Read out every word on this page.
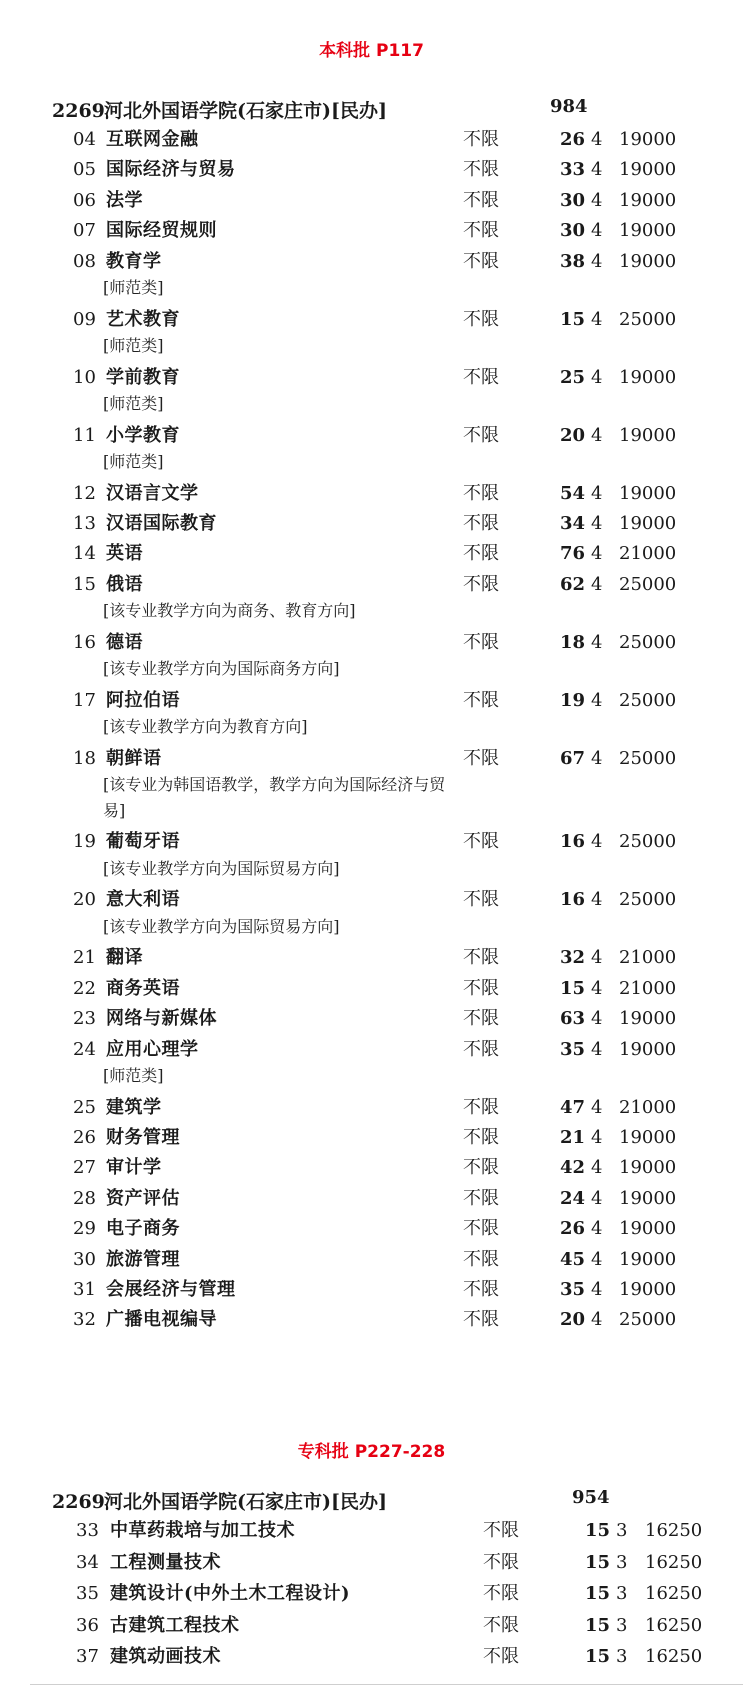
本科批 P117
2269河北外国语学院(石家庄市)[民办]	984
04 互联网金融	不限	26 4 19000
05 国际经济与贸易	不限	33 4 19000
06 法学	不限	30 4 19000
07 国际经贸规则	不限	30 4 19000
08 教育学	不限	38 4 19000
[师范类]
09 艺术教育	不限	15 4 25000
[师范类]
10 学前教育	不限	25 4 19000
[师范类]
11 小学教育	不限	20 4 19000
[师范类]
12 汉语言文学	不限	54 4 19000
13 汉语国际教育	不限	34 4 19000
14 英语	不限	76 4 21000
15 俄语	不限	62 4 25000
[该专业教学方向为商务、教育方向]
16 德语	不限	18 4 25000
[该专业教学方向为国际商务方向]
17 阿拉伯语	不限	19 4 25000
[该专业教学方向为教育方向]
18 朝鲜语	不限	67 4 25000
[该专业为韩国语教学，教学方向为国际经济与贸
易]
19 葡萄牙语	不限	16 4 25000
[该专业教学方向为国际贸易方向]
20 意大利语	不限	16 4 25000
[该专业教学方向为国际贸易方向]
21 翻译	不限	32 4 21000
22 商务英语	不限	15 4 21000
23 网络与新媒体	不限	63 4 19000
24 应用心理学	不限	35 4 19000
[师范类]
25 建筑学	不限	47 4 21000
26 财务管理	不限	21 4 19000
27 审计学	不限	42 4 19000
28 资产评估	不限	24 4 19000
29 电子商务	不限	26 4 19000
30 旅游管理	不限	45 4 19000
31 会展经济与管理	不限	35 4 19000
32 广播电视编导	不限	20 4 25000
专科批 P227-228
2269河北外国语学院(石家庄市)[民办]	954
33 中草药栽培与加工技术	不限	15 3 16250
34 工程测量技术	不限	15 3 16250
35 建筑设计(中外土木工程设计)	不限	15 3 16250
36 古建筑工程技术	不限	15 3 16250
37 建筑动画技术	不限	15 3 16250
